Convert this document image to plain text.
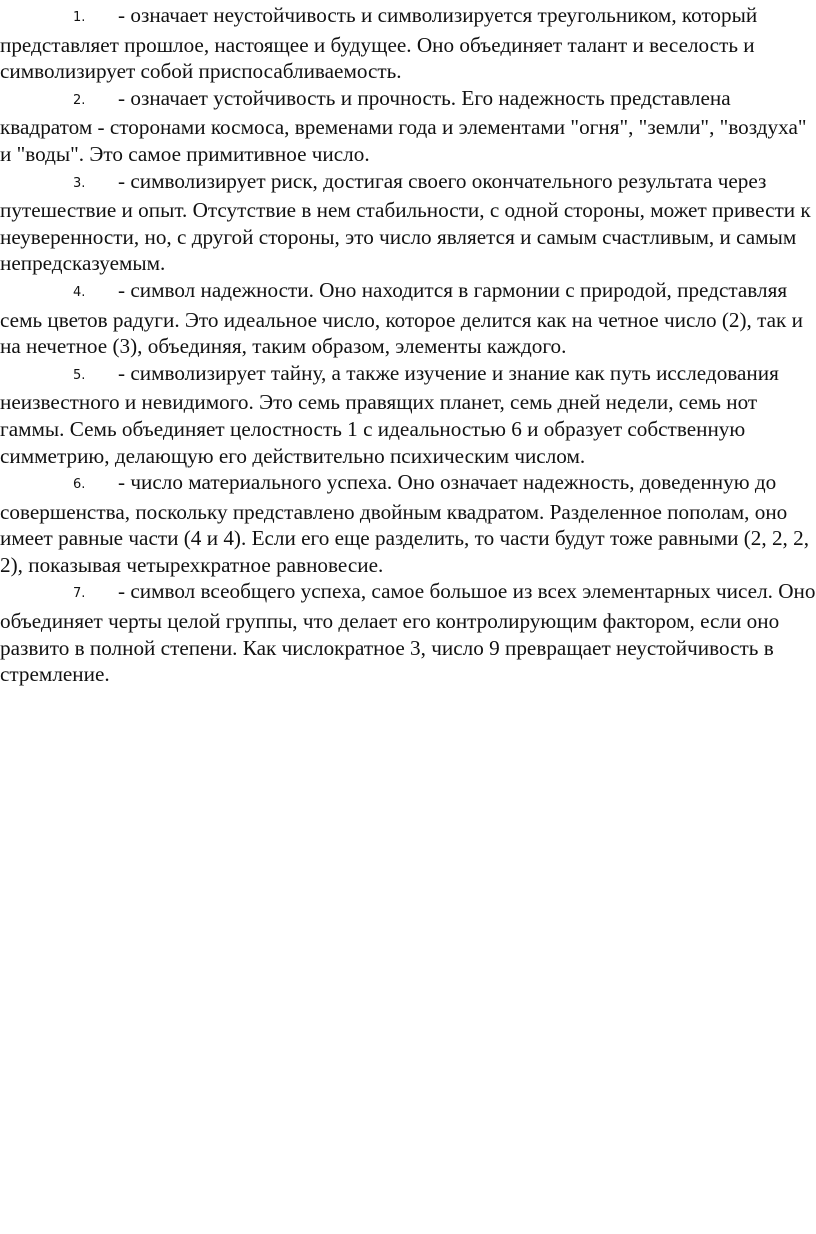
1. - означает неустойчивость и символизируется треугольником, который представляет прошлое, настоящее и будущее. Оно объединяет талант и веселость и символизирует собой приспосабливаемость.
2. - означает устойчивость и прочность. Его надежность представлена квадратом - сторонами космоса, временами года и элементами "огня", "земли", "воздуха" и "воды". Это самое примитивное число.
3. - символизирует риск, достигая своего окончательного результата через путешествие и опыт. Отсутствие в нем стабильности, с одной стороны, может привести к неуверенности, но, с другой стороны, это число является и самым счастливым, и самым непредсказуемым.
4. - символ надежности. Оно находится в гармонии с природой, представляя семь цветов радуги. Это идеальное число, которое делится как на четное число (2), так и на нечетное (3), объединяя, таким образом, элементы каждого.
5. - символизирует тайну, а также изучение и знание как путь исследования неизвестного и невидимого. Это семь правящих планет, семь дней недели, семь нот гаммы. Семь объединяет целостность 1 с идеальностью 6 и образует собственную симметрию, делающую его действительно психическим числом.
6. - число материального успеха. Оно означает надежность, доведенную до совершенства, поскольку представлено двойным квадратом. Разделенное пополам, оно имеет равные части (4 и 4). Если его еще разделить, то части будут тоже равными (2, 2, 2, 2), показывая четырехкратное равновесие.
7. - символ всеобщего успеха, самое большое из всех элементарных чисел. Оно объединяет черты целой группы, что делает его контролирующим фактором, если оно развито в полной степени. Как числократное 3, число 9 превращает неустойчивость в стремление.
